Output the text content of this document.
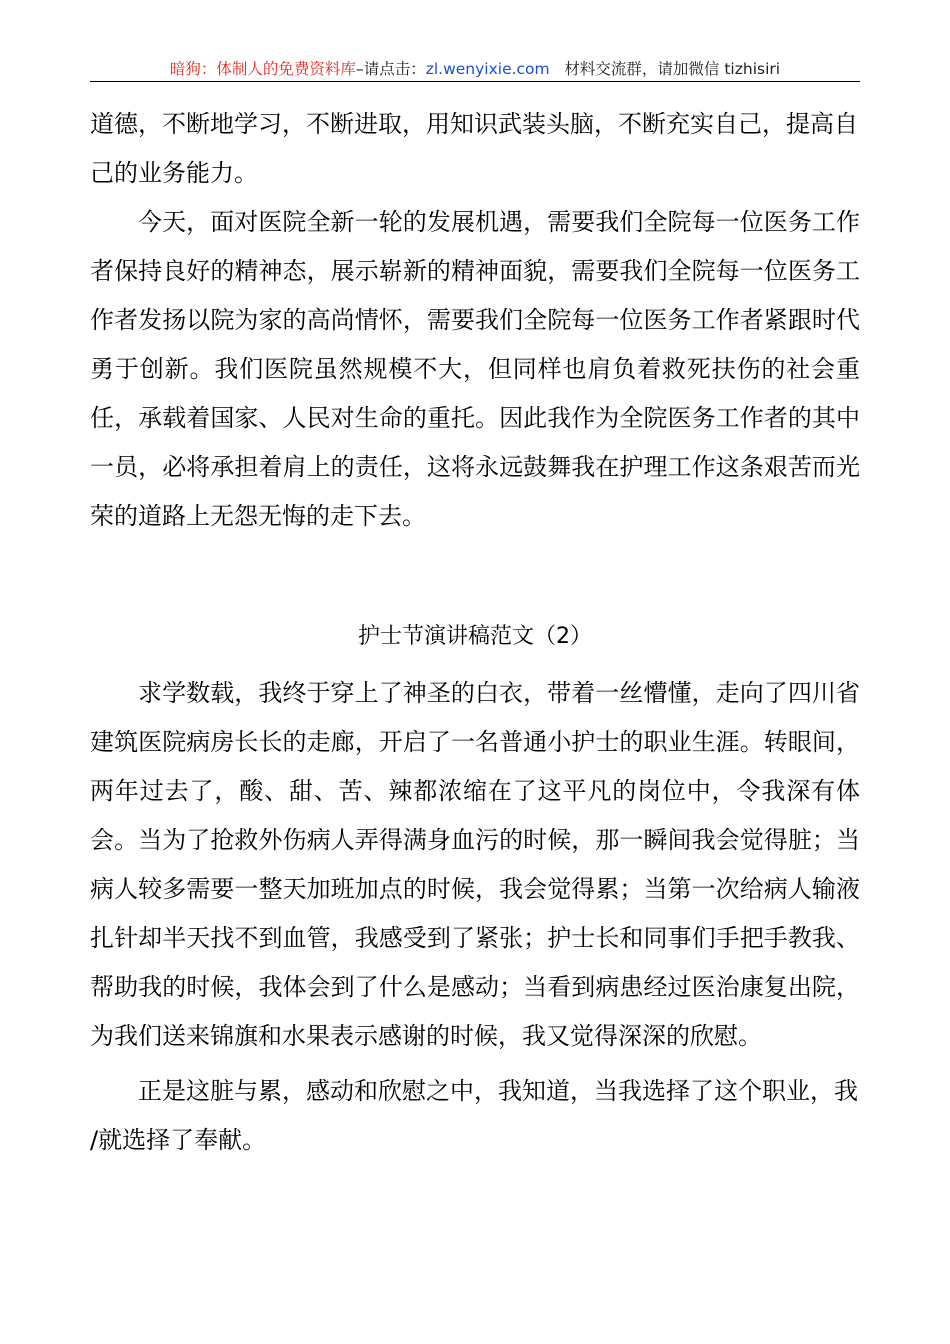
暗狗：体制人的免费资料库–请点击：zl.wenyixie.com 材料交流群，请加微信 tizhisiri

道德，不断地学习，不断进取，用知识武装头脑，不断充实自己，提高自

己的业务能力。

今天，面对医院全新一轮的发展机遇，需要我们全院每一位医务工作者保持良好的精神态，展示崭新的精神面貌，需要我们全院每一位医务工作者发扬以院为家的高尚情怀，需要我们全院每一位医务工作者紧跟时代勇于创新。我们医院虽然规模不大，但同样也肩负着救死扶伤的社会重任，承载着国家、人民对生命的重托。因此我作为全院医务工作者的其中一员，必将承担着肩上的责任，这将永远鼓舞我在护理工作这条艰苦而光荣的道路上无怨无悔的走下去。

护士节演讲稿范文（2）

求学数载，我终于穿上了神圣的白衣，带着一丝懵懂，走向了四川省建筑医院病房长长的走廊，开启了一名普通小护士的职业生涯。转眼间，两年过去了，酸、甜、苦、辣都浓缩在了这平凡的岗位中，令我深有体会。当为了抢救外伤病人弄得满身血污的时候，那一瞬间我会觉得脏；当病人较多需要一整天加班加点的时候，我会觉得累；当第一次给病人输液扎针却半天找不到血管，我感受到了紧张；护士长和同事们手把手教我、帮助我的时候，我体会到了什么是感动；当看到病患经过医治康复出院，为我们送来锦旗和水果表示感谢的时候，我又觉得深深的欣慰。

正是这脏与累，感动和欣慰之中，我知道，当我选择了这个职业，我

/就选择了奉献。
